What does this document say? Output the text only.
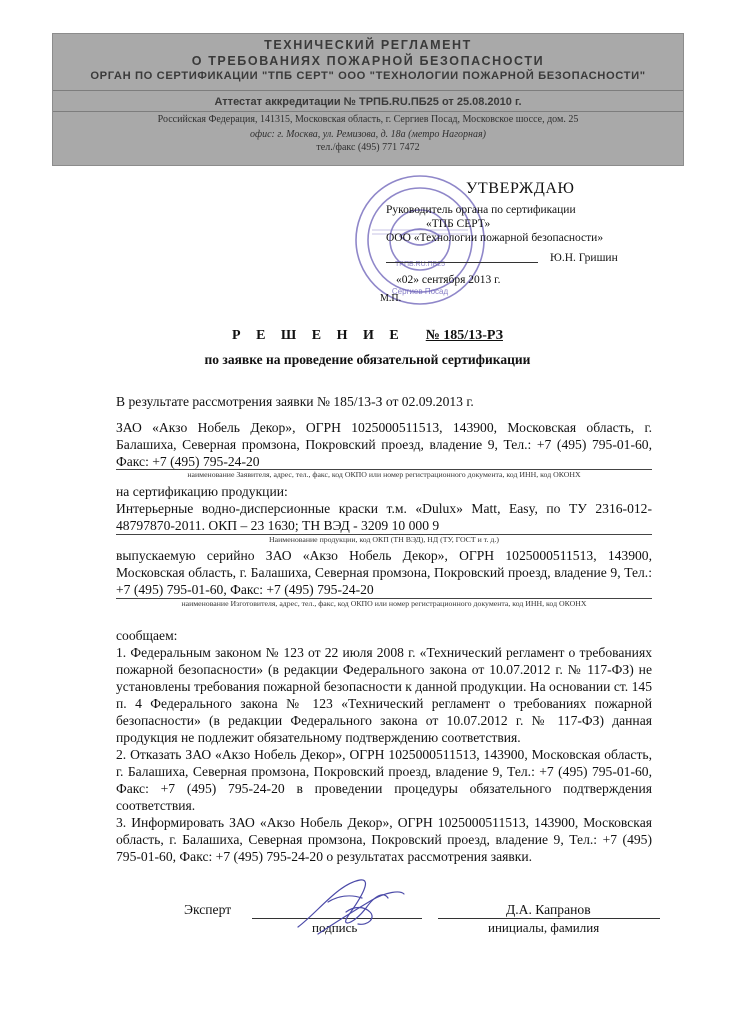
ТЕХНИЧЕСКИЙ РЕГЛАМЕНТ
О ТРЕБОВАНИЯХ ПОЖАРНОЙ БЕЗОПАСНОСТИ
ОРГАН ПО СЕРТИФИКАЦИИ "ТПБ СЕРТ" ООО "ТЕХНОЛОГИИ ПОЖАРНОЙ БЕЗОПАСНОСТИ"
Аттестат аккредитации № ТРПБ.RU.ПБ25 от 25.08.2010 г.
Российская Федерация, 141315, Московская область, г. Сергиев Посад, Московское шоссе, дом. 25
офис: г. Москва, ул. Ремизова, д. 18а (метро Нагорная)
тел./факс (495) 771 7472
ТРПБ.RU.ПБ25
Сергиев Посад
УТВЕРЖДАЮ
Руководитель органа по сертификации
«ТПБ СЕРТ»
ООО «Технологии пожарной безопасности»
Ю.Н. Гришин
«02» сентября 2013 г.
М.П.
Р Е Ш Е Н И Е № 185/13-РЗ
по заявке на проведение обязательной сертификации
В результате рассмотрения заявки № 185/13-З от 02.09.2013 г.
ЗАО «Акзо Нобель Декор», ОГРН 1025000511513, 143900, Московская область, г. Балашиха, Северная промзона, Покровский проезд, владение 9, Тел.: +7 (495) 795-01-60, Факс: +7 (495) 795-24-20
наименование Заявителя, адрес, тел., факс, код ОКПО или номер регистрационного документа, код ИНН, код ОКОНХ
на сертификацию продукции:
Интерьерные водно-дисперсионные краски т.м. «Dulux» Matt, Easy, по ТУ 2316-012-48797870-2011. ОКП – 23 1630; ТН ВЭД - 3209 10 000 9
Наименование продукции, код ОКП (ТН ВЭД), НД (ТУ, ГОСТ и т. д.)
выпускаемую серийно ЗАО «Акзо Нобель Декор», ОГРН 1025000511513, 143900, Московская область, г. Балашиха, Северная промзона, Покровский проезд, владение 9, Тел.: +7 (495) 795-01-60, Факс: +7 (495) 795-24-20
наименование Изготовителя, адрес, тел., факс, код ОКПО или номер регистрационного документа, код ИНН, код ОКОНХ
сообщаем:
1. Федеральным законом № 123 от 22 июля 2008 г. «Технический регламент о требованиях пожарной безопасности» (в редакции Федерального закона от 10.07.2012 г. № 117-ФЗ) не установлены требования пожарной безопасности к данной продукции. На основании ст. 145 п. 4 Федерального закона № 123 «Технический регламент о требованиях пожарной безопасности» (в редакции Федерального закона от 10.07.2012 г. № 117-ФЗ) данная продукция не подлежит обязательному подтверждению соответствия.
2. Отказать ЗАО «Акзо Нобель Декор», ОГРН 1025000511513, 143900, Московская область, г. Балашиха, Северная промзона, Покровский проезд, владение 9, Тел.: +7 (495) 795-01-60, Факс: +7 (495) 795-24-20 в проведении процедуры обязательного подтверждения соответствия.
3. Информировать ЗАО «Акзо Нобель Декор», ОГРН 1025000511513, 143900, Московская область, г. Балашиха, Северная промзона, Покровский проезд, владение 9, Тел.: +7 (495) 795-01-60, Факс: +7 (495) 795-24-20 о результатах рассмотрения заявки.
Эксперт	Д.А. Капранов
подпись	инициалы, фамилия
